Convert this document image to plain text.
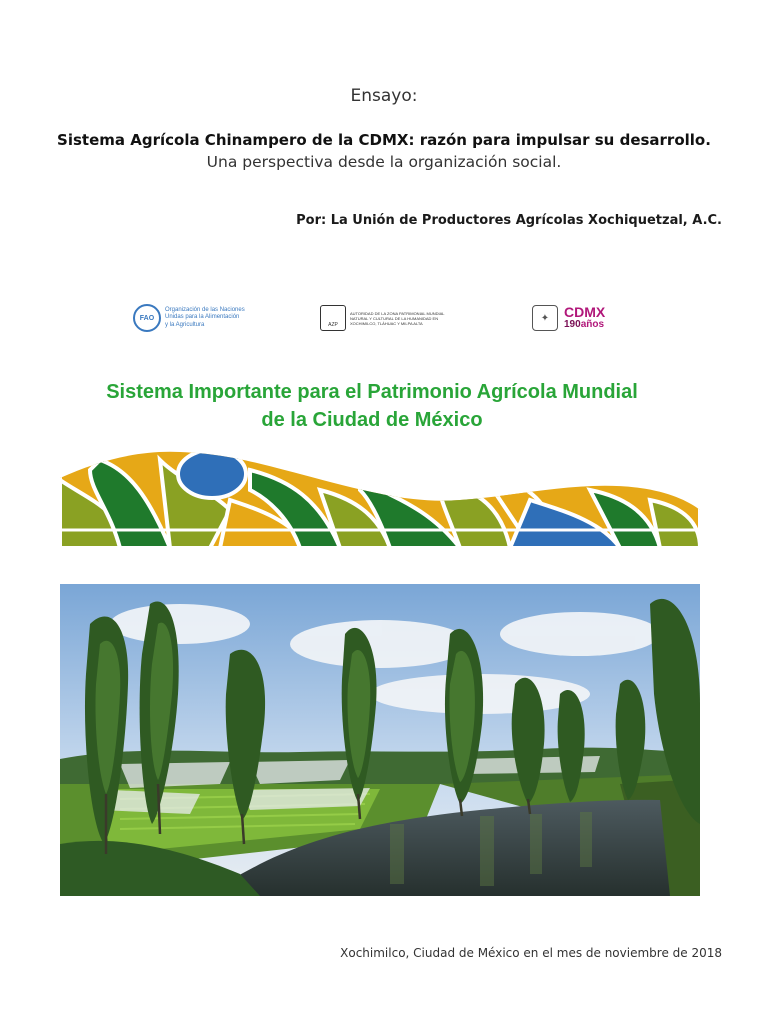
Ensayo:
Sistema Agrícola Chinampero de la CDMX: razón para impulsar su desarrollo.
Una perspectiva desde la organización social.
Por: La Unión de Productores Agrícolas Xochiquetzal, A.C.
FAO
Organización de las Naciones
Unidas para la Alimentación
y la Agricultura	AZP
AUTORIDAD DE LA ZONA PATRIMONIAL MUNDIAL
NATURAL Y CULTURAL DE LA HUMANIDAD EN
XOCHIMILCO, TLÁHUAC Y MILPA ALTA	✦	CDMX
190años
Sistema Importante para el Patrimonio Agrícola Mundial
de la Ciudad de México
Xochimilco, Ciudad de México en el mes de noviembre de 2018
